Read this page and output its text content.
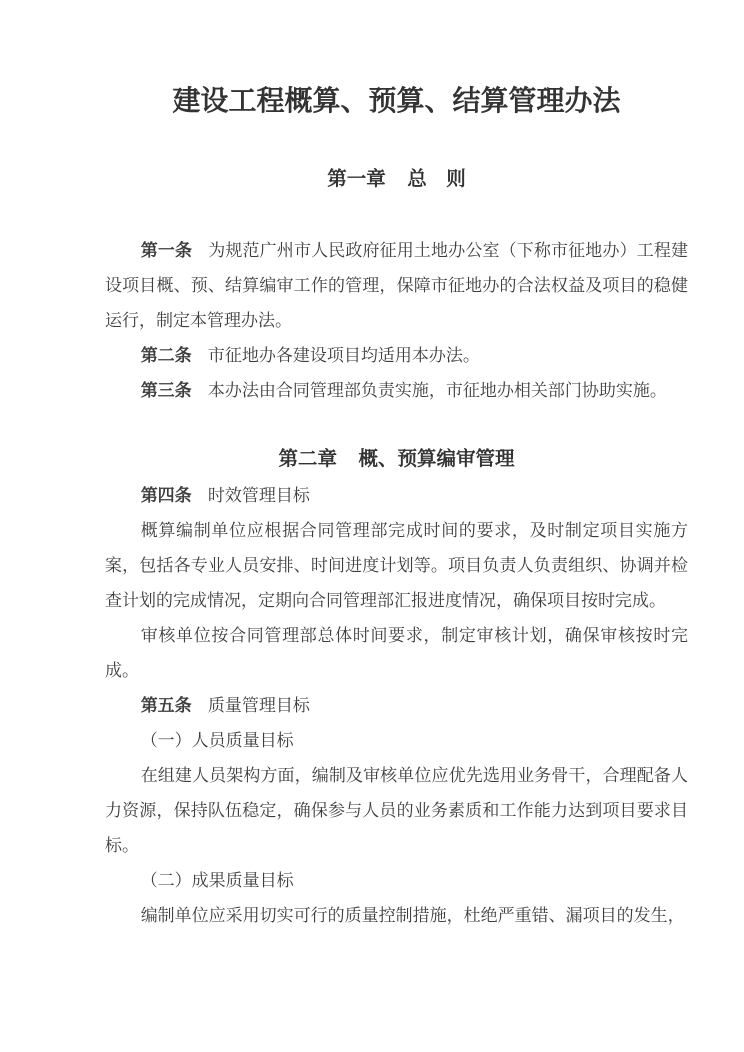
建设工程概算、预算、结算管理办法
第一章 总　则

第一条 为规范广州市人民政府征用土地办公室（下称市征地办）工程建设项目概、预、结算编审工作的管理，保障市征地办的合法权益及项目的稳健运行，制定本管理办法。

第二条 市征地办各建设项目均适用本办法。

第三条 本办法由合同管理部负责实施，市征地办相关部门协助实施。

第二章 概、预算编审管理

第四条 时效管理目标

概算编制单位应根据合同管理部完成时间的要求，及时制定项目实施方案，包括各专业人员安排、时间进度计划等。项目负责人负责组织、协调并检查计划的完成情况，定期向合同管理部汇报进度情况，确保项目按时完成。

审核单位按合同管理部总体时间要求，制定审核计划，确保审核按时完成。

第五条 质量管理目标

（一）人员质量目标

在组建人员架构方面，编制及审核单位应优先选用业务骨干，合理配备人力资源，保持队伍稳定，确保参与人员的业务素质和工作能力达到项目要求目标。

（二）成果质量目标

编制单位应采用切实可行的质量控制措施，杜绝严重错、漏项目的发生，
